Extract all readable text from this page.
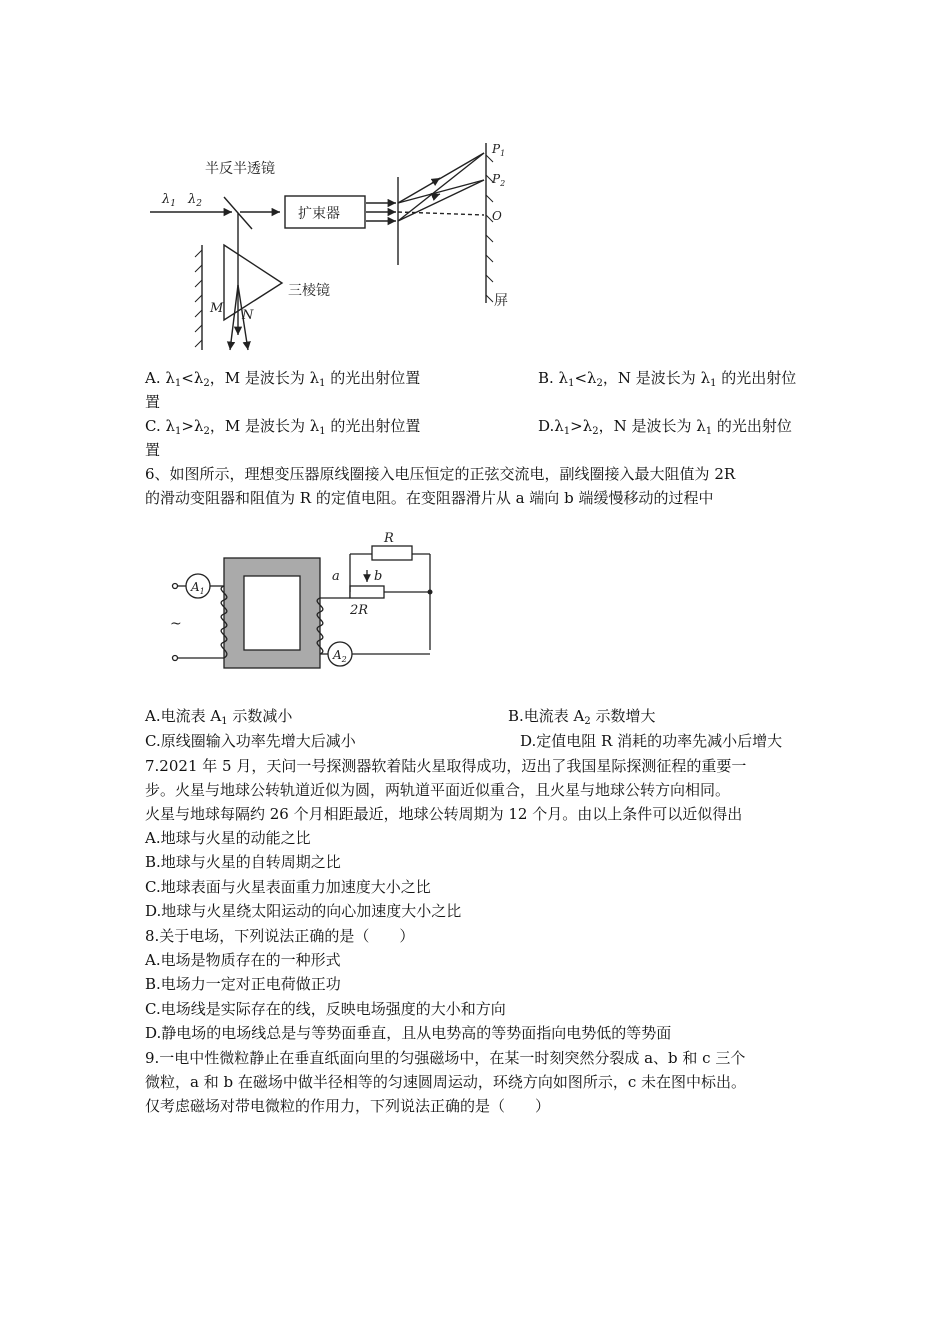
半反半透镜
$\lambda_1$ $\lambda_2$
扩束器
三棱镜
M N
$P_1$
$P_2$
O
屏
A. $\lambda_1<\lambda_2$，M 是波长为 $\lambda_1$ 的光出射位置	B. $\lambda_1<\lambda_2$，N 是波长为 $\lambda_1$ 的光出射位
置
C. $\lambda_1>\lambda_2$，M 是波长为 $\lambda_1$ 的光出射位置	$D.\lambda_1>\lambda_2$，N 是波长为 $\lambda_1$ 的光出射位
置
6、如图所示，理想变压器原线圈接入电压恒定的正弦交流电，副线圈接入最大阻值为 2R
的滑动变阻器和阻值为 R 的定值电阻。在变阻器滑片从 a 端向 b 端缓慢移动的过程中
$A_1$
$A_2$
R
a	b
2R
~
A.电流表 $A_1$ 示数减小	B.电流表 $A_2$ 示数增大
C.原线圈输入功率先增大后减小	D.定值电阻 R 消耗的功率先减小后增大
7.2021 年 5 月，天问一号探测器软着陆火星取得成功，迈出了我国星际探测征程的重要一
步。火星与地球公转轨道近似为圆，两轨道平面近似重合，且火星与地球公转方向相同。
火星与地球每隔约 26 个月相距最近，地球公转周期为 12 个月。由以上条件可以近似得出
A.地球与火星的动能之比
B.地球与火星的自转周期之比
C.地球表面与火星表面重力加速度大小之比
D.地球与火星绕太阳运动的向心加速度大小之比
8.关于电场，下列说法正确的是（　　）
A.电场是物质存在的一种形式
B.电场力一定对正电荷做正功
C.电场线是实际存在的线，反映电场强度的大小和方向
D.静电场的电场线总是与等势面垂直，且从电势高的等势面指向电势低的等势面
9.一电中性微粒静止在垂直纸面向里的匀强磁场中，在某一时刻突然分裂成 a、b 和 c 三个
微粒，a 和 b 在磁场中做半径相等的匀速圆周运动，环绕方向如图所示，c 未在图中标出。
仅考虑磁场对带电微粒的作用力，下列说法正确的是（　　）
